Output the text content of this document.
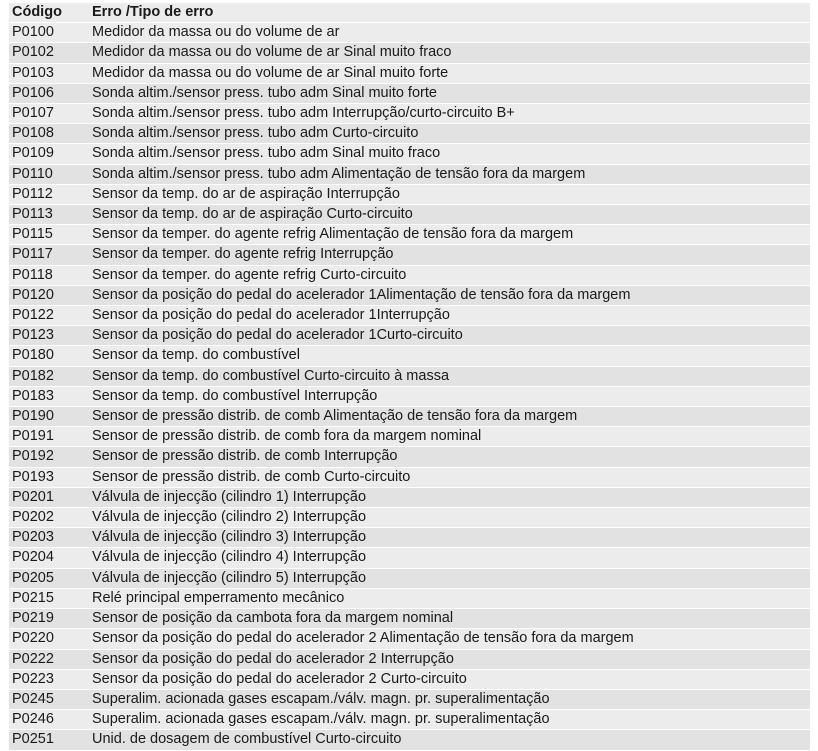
Código	Erro /Tipo de erro
P0100	Medidor da massa ou do volume de ar
P0102	Medidor da massa ou do volume de ar Sinal muito fraco
P0103	Medidor da massa ou do volume de ar Sinal muito forte
P0106	Sonda altim./sensor press. tubo adm Sinal muito forte
P0107	Sonda altim./sensor press. tubo adm Interrupção/curto-circuito B+
P0108	Sonda altim./sensor press. tubo adm Curto-circuito
P0109	Sonda altim./sensor press. tubo adm Sinal muito fraco
P0110	Sonda altim./sensor press. tubo adm Alimentação de tensão fora da margem
P0112	Sensor da temp. do ar de aspiração Interrupção
P0113	Sensor da temp. do ar de aspiração Curto-circuito
P0115	Sensor da temper. do agente refrig Alimentação de tensão fora da margem
P0117	Sensor da temper. do agente refrig Interrupção
P0118	Sensor da temper. do agente refrig Curto-circuito
P0120	Sensor da posição do pedal do acelerador 1Alimentação de tensão fora da margem
P0122	Sensor da posição do pedal do acelerador 1Interrupção
P0123	Sensor da posição do pedal do acelerador 1Curto-circuito
P0180	Sensor da temp. do combustível
P0182	Sensor da temp. do combustível Curto-circuito à massa
P0183	Sensor da temp. do combustível Interrupção
P0190	Sensor de pressão distrib. de comb Alimentação de tensão fora da margem
P0191	Sensor de pressão distrib. de comb fora da margem nominal
P0192	Sensor de pressão distrib. de comb Interrupção
P0193	Sensor de pressão distrib. de comb Curto-circuito
P0201	Válvula de injecção (cilindro 1) Interrupção
P0202	Válvula de injecção (cilindro 2) Interrupção
P0203	Válvula de injecção (cilindro 3) Interrupção
P0204	Válvula de injecção (cilindro 4) Interrupção
P0205	Válvula de injecção (cilindro 5) Interrupção
P0215	Relé principal emperramento mecânico
P0219	Sensor de posição da cambota fora da margem nominal
P0220	Sensor da posição do pedal do acelerador 2 Alimentação de tensão fora da margem
P0222	Sensor da posição do pedal do acelerador 2 Interrupção
P0223	Sensor da posição do pedal do acelerador 2 Curto-circuito
P0245	Superalim. acionada gases escapam./válv. magn. pr. superalimentação
P0246	Superalim. acionada gases escapam./válv. magn. pr. superalimentação
P0251	Unid. de dosagem de combustível Curto-circuito
